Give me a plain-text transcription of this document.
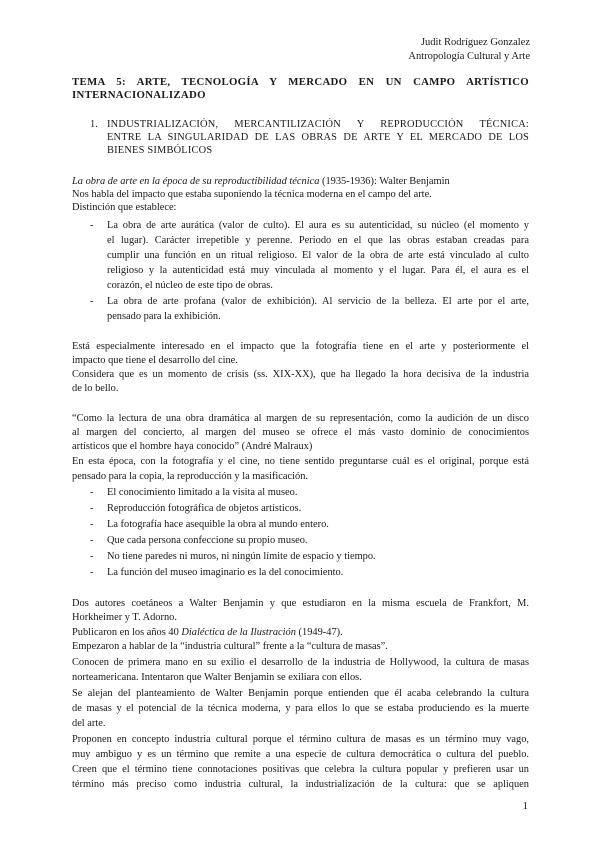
Judit Rodríguez Gonzalez
Antropología Cultural y Arte
TEMA 5: ARTE, TECNOLOGÍA Y MERCADO EN UN CAMPO ARTÍSTICO
INTERNACIONALIZADO
1. INDUSTRIALIZACIÓN, MERCANTILIZACIÓN Y REPRODUCCIÓN TÉCNICA:
ENTRE LA SINGULARIDAD DE LAS OBRAS DE ARTE Y EL MERCADO DE LOS
BIENES SIMBÓLICOS
La obra de arte en la época de su reproductibilidad técnica (1935-1936): Walter Benjamin
Nos habla del impacto que estaba suponiendo la técnica moderna en el campo del arte.
Distinción que establece:
- La obra de arte aurática (valor de culto). El aura es su autenticidad, su núcleo (el momento y
el lugar). Carácter irrepetible y perenne. Periodo en el que las obras estaban creadas para
cumplir una función en un ritual religioso. El valor de la obra de arte está vinculado al culto
religioso y la autenticidad está muy vinculada al momento y el lugar. Para él, el aura es el
corazón, el núcleo de este tipo de obras.
- La obra de arte profana (valor de exhibición). Al servicio de la belleza. El arte por el arte,
pensado para la exhibición.
Está especialmente interesado en el impacto que la fotografía tiene en el arte y posteriormente el
impacto que tiene el desarrollo del cine.
Considera que es un momento de crisis (ss. XIX-XX), que ha llegado la hora decisiva de la industria
de lo bello.
“Como la lectura de una obra dramática al margen de su representación, como la audición de un disco
al margen del concierto, al margen del museo se ofrece el más vasto dominio de conocimientos
artísticos que el hombre haya conocido” (André Malraux)
En esta época, con la fotografía y el cine, no tiene sentido preguntarse cuál es el original, porque está
pensado para la copia, la reproducción y la masificación.
- El conocimiento limitado a la visita al museo.
- Reproducción fotográfica de objetos artísticos.
- La fotografía hace asequible la obra al mundo entero.
- Que cada persona confeccione su propio museo.
- No tiene paredes ni muros, ni ningún límite de espacio y tiempo.
- La función del museo imaginario es la del conocimiento.
Dos autores coetáneos a Walter Benjamin y que estudiaron en la misma escuela de Frankfort, M.
Horkheimer y T. Adorno.
Publicaron en los años 40 Dialéctica de la Ilustración (1949-47).
Empezaron a hablar de la “industria cultural” frente a la “cultura de masas”.
Conocen de primera mano en su exilio el desarrollo de la industria de Hollywood, la cultura de masas
norteamericana. Intentaron que Walter Benjamin se exiliara con ellos.
Se alejan del planteamiento de Walter Benjamin porque entienden que él acaba celebrando la cultura
de masas y el potencial de la técnica moderna, y para ellos lo que se estaba produciendo es la muerte
del arte.
Proponen en concepto industria cultural porque el término cultura de masas es un término muy vago,
muy ambiguo y es un término que remite a una especie de cultura democrática o cultura del pueblo.
Creen que el término tiene connotaciones positivas que celebra la cultura popular y prefieren usar un
término más preciso como industria cultural, la industrialización de la cultura: que se apliquen
1
